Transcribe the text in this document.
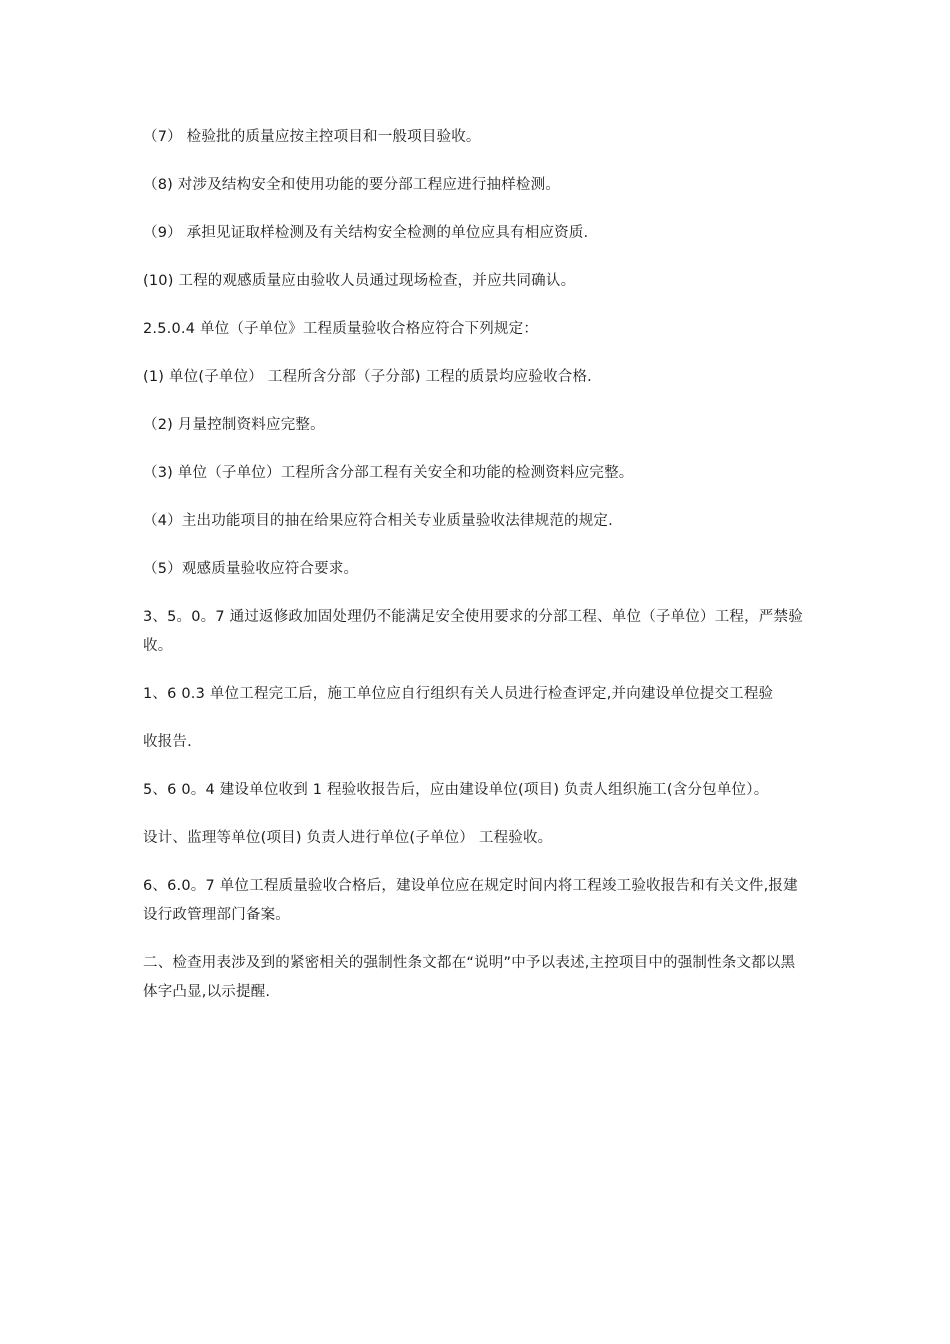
（7） 检验批的质量应按主控项目和一般项目验收。

（8) 对涉及结构安全和使用功能的要分部工程应进行抽样检测。

（9） 承担见证取样检测及有关结构安全检测的单位应具有相应资质.

(10) 工程的观感质量应由验收人员通过现场检查，并应共同确认。

2.5.0.4 单位（子单位》工程质量验收合格应符合下列规定：

(1) 单位(子单位） 工程所含分部（子分部) 工程的质景均应验收合格.

（2) 月量控制资料应完整。

（3) 单位（子单位）工程所含分部工程有关安全和功能的检测资料应完整。

（4）主出功能项目的抽在给果应符合相关专业质量验收法律规范的规定.

（5）观感质量验收应符合要求。

3、5。0。7 通过返修政加固处理仍不能满足安全使用要求的分部工程、单位（子单位）工程，严禁验收。

1、6 0.3 单位工程完工后，施工单位应自行组织有关人员进行检查评定,并向建设单位提交工程验

收报告.

5、6 0。4 建设单位收到 1 程验收报告后，应由建设单位(项目) 负责人组织施工(含分包单位）。

设计、监理等单位(项目) 负责人进行单位(子单位） 工程验收。

6、6.0。7 单位工程质量验收合格后，建设单位应在规定时间内将工程竣工验收报告和有关文件,报建设行政管理部门备案。

二、检查用表涉及到的紧密相关的强制性条文都在“说明”中予以表述,主控项目中的强制性条文都以黑体字凸显,以示提醒.
